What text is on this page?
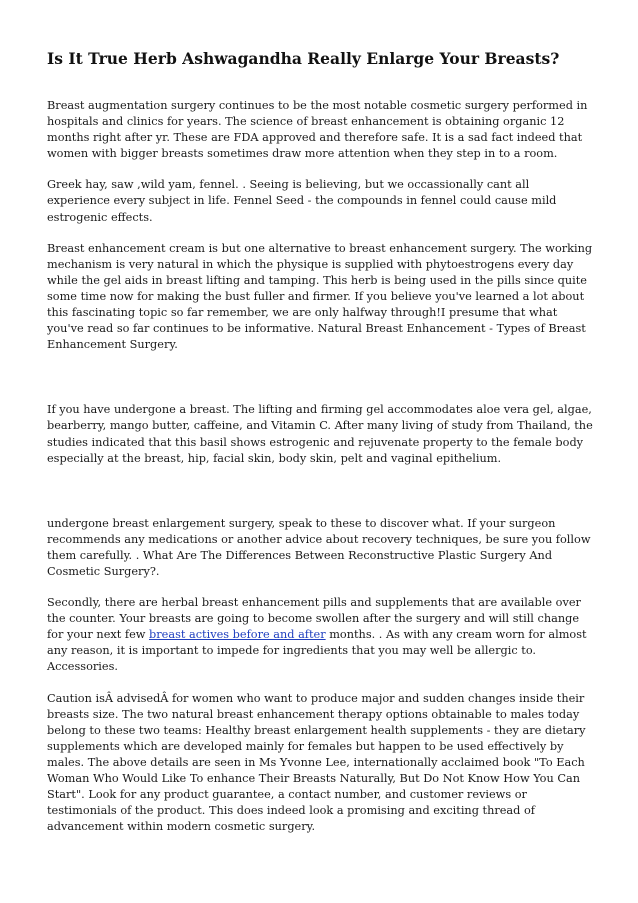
Is It True Herb Ashwagandha Really Enlarge Your Breasts?

Breast augmentation surgery continues to be the most notable cosmetic surgery performed in hospitals and clinics for years. The science of breast enhancement is obtaining organic 12 months right after yr. These are FDA approved and therefore safe. It is a sad fact indeed that women with bigger breasts sometimes draw more attention when they step in to a room.

Greek hay, saw ,wild yam, fennel. . Seeing is believing, but we occassionally cant all experience every subject in life. Fennel Seed - the compounds in fennel could cause mild estrogenic effects.

Breast enhancement cream is but one alternative to breast enhancement surgery. The working mechanism is very natural in which the physique is supplied with phytoestrogens every day while the gel aids in breast lifting and tamping. This herb is being used in the pills since quite some time now for making the bust fuller and firmer. If you believe you've learned a lot about this fascinating topic so far remember, we are only halfway through!I presume that what you've read so far continues to be informative. Natural Breast Enhancement - Types of Breast Enhancement Surgery.

If you have undergone a breast. The lifting and firming gel accommodates aloe vera gel, algae, bearberry, mango butter, caffeine, and Vitamin C. After many living of study from Thailand, the studies indicated that this basil shows estrogenic and rejuvenate property to the female body especially at the breast, hip, facial skin, body skin, pelt and vaginal epithelium.

undergone breast enlargement surgery, speak to these to discover what. If your surgeon recommends any medications or another advice about recovery techniques, be sure you follow them carefully. . What Are The Differences Between Reconstructive Plastic Surgery And Cosmetic Surgery?.

Secondly, there are herbal breast enhancement pills and supplements that are available over the counter. Your breasts are going to become swollen after the surgery and will still change for your next few breast actives before and after months. . As with any cream worn for almost any reason, it is important to impede for ingredients that you may well be allergic to. Accessories.

Caution isÂ advisedÂ for women who want to produce major and sudden changes inside their breasts size. The two natural breast enhancement therapy options obtainable to males today belong to these two teams: Healthy breast enlargement health supplements - they are dietary supplements which are developed mainly for females but happen to be used effectively by males. The above details are seen in Ms Yvonne Lee, internationally acclaimed book "To Each Woman Who Would Like To enhance Their Breasts Naturally, But Do Not Know How You Can Start". Look for any product guarantee, a contact number, and customer reviews or testimonials of the product. This does indeed look a promising and exciting thread of advancement within modern cosmetic surgery.
